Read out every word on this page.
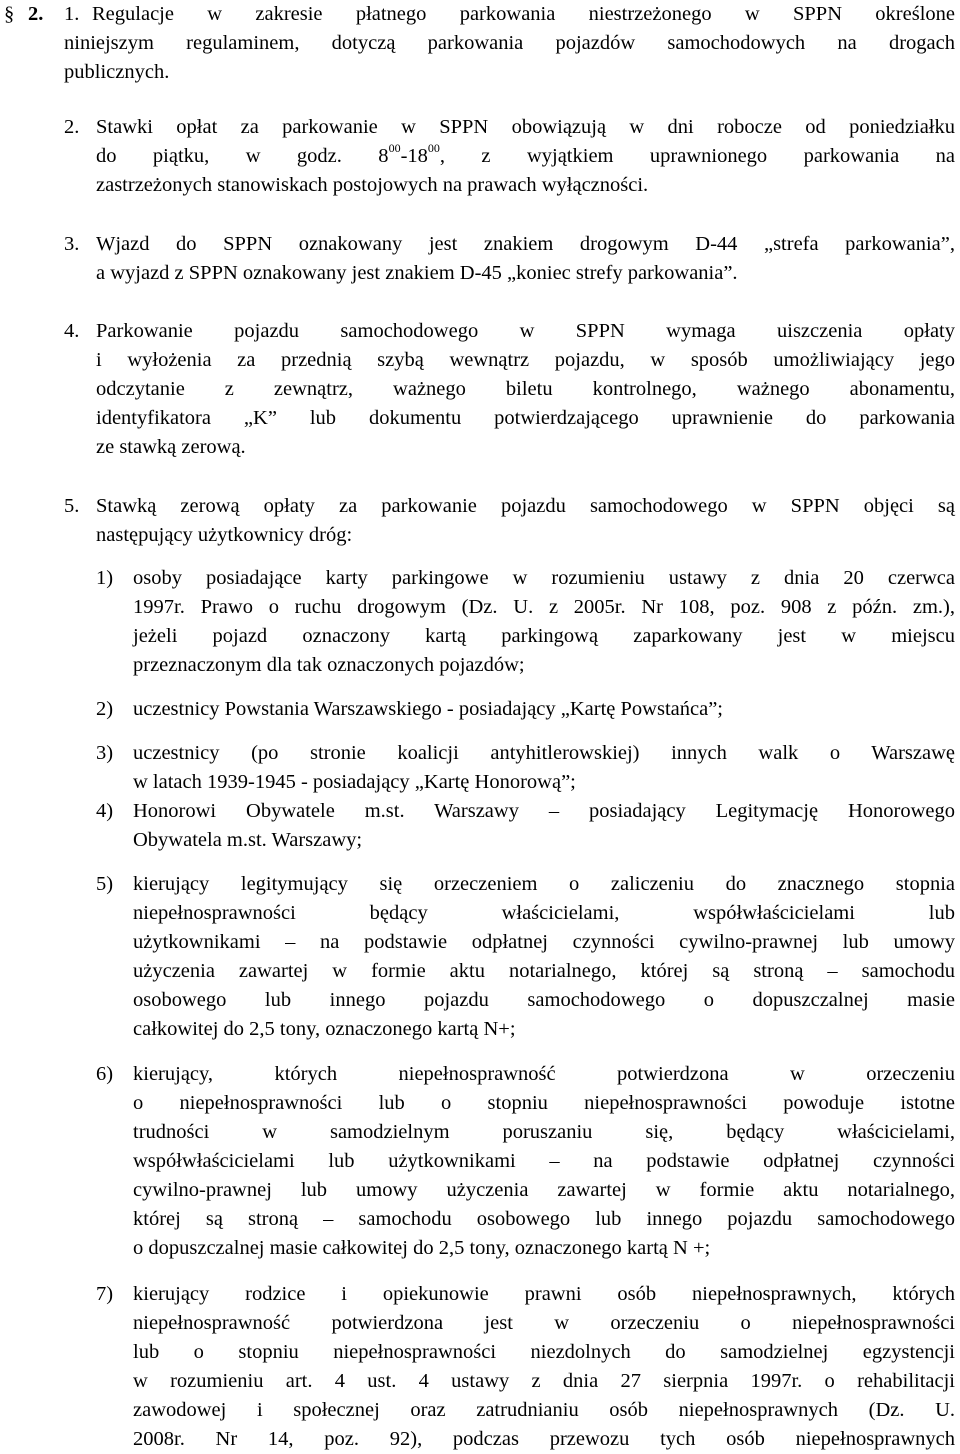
§ 2. 1. Regulacje w zakresie płatnego parkowania niestrzeżonego w SPPN określone
niniejszym regulaminem, dotyczą parkowania pojazdów samochodowych na drogach
publicznych.
2. Stawki opłat za parkowanie w SPPN obowiązują w dni robocze od poniedziałku
do piątku, w godz. $8^{00}-18^{00}$, z wyjątkiem uprawnionego parkowania na
zastrzeżonych stanowiskach postojowych na prawach wyłączności.
3. Wjazd do SPPN oznakowany jest znakiem drogowym D-44 „strefa parkowania”,
a wyjazd z SPPN oznakowany jest znakiem D-45 „koniec strefy parkowania”.
4. Parkowanie pojazdu samochodowego w SPPN wymaga uiszczenia opłaty
i wyłożenia za przednią szybą wewnątrz pojazdu, w sposób umożliwiający jego
odczytanie z zewnątrz, ważnego biletu kontrolnego, ważnego abonamentu,
identyfikatora „K” lub dokumentu potwierdzającego uprawnienie do parkowania
ze stawką zerową.
5. Stawką zerową opłaty za parkowanie pojazdu samochodowego w SPPN objęci są
następujący użytkownicy dróg:
1) osoby posiadające karty parkingowe w rozumieniu ustawy z dnia 20 czerwca
1997r. Prawo o ruchu drogowym (Dz. U. z 2005r. Nr 108, poz. 908 z późn. zm.),
jeżeli pojazd oznaczony kartą parkingową zaparkowany jest w miejscu
przeznaczonym dla tak oznaczonych pojazdów;
2) uczestnicy Powstania Warszawskiego - posiadający „Kartę Powstańca”;
3) uczestnicy (po stronie koalicji antyhitlerowskiej) innych walk o Warszawę
w latach 1939-1945 - posiadający „Kartę Honorową”;
4) Honorowi Obywatele m.st. Warszawy – posiadający Legitymację Honorowego
Obywatela m.st. Warszawy;
5) kierujący legitymujący się orzeczeniem o zaliczeniu do znacznego stopnia
niepełnosprawności będący właścicielami, współwłaścicielami lub
użytkownikami – na podstawie odpłatnej czynności cywilno-prawnej lub umowy
użyczenia zawartej w formie aktu notarialnego, której są stroną – samochodu
osobowego lub innego pojazdu samochodowego o dopuszczalnej masie
całkowitej do 2,5 tony, oznaczonego kartą N+;
6) kierujący, których niepełnosprawność potwierdzona w orzeczeniu
o niepełnosprawności lub o stopniu niepełnosprawności powoduje istotne
trudności w samodzielnym poruszaniu się, będący właścicielami,
współwłaścicielami lub użytkownikami – na podstawie odpłatnej czynności
cywilno-prawnej lub umowy użyczenia zawartej w formie aktu notarialnego,
której są stroną – samochodu osobowego lub innego pojazdu samochodowego
o dopuszczalnej masie całkowitej do 2,5 tony, oznaczonego kartą N +;
7) kierujący rodzice i opiekunowie prawni osób niepełnosprawnych, których
niepełnosprawność potwierdzona jest w orzeczeniu o niepełnosprawności
lub o stopniu niepełnosprawności niezdolnych do samodzielnej egzystencji
w rozumieniu art. 4 ust. 4 ustawy z dnia 27 sierpnia 1997r. o rehabilitacji
zawodowej i społecznej oraz zatrudnianiu osób niepełnosprawnych (Dz. U.
2008r. Nr 14, poz. 92), podczas przewozu tych osób niepełnosprawnych
